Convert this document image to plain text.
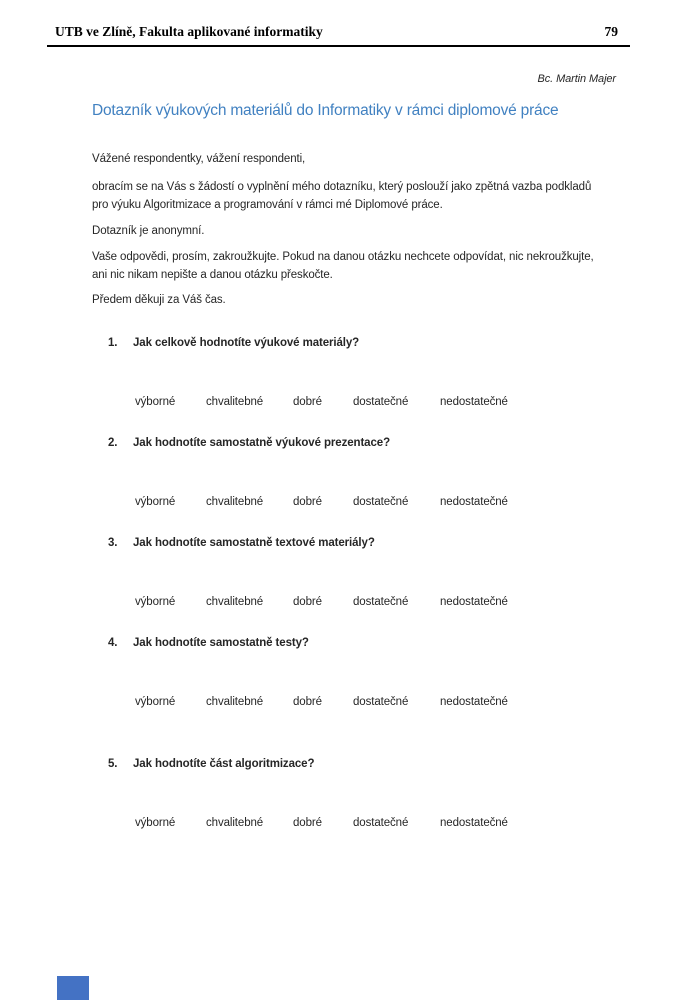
UTB ve Zlíně, Fakulta aplikované informatiky	79
Bc. Martin Majer
Dotazník výukových materiálů do Informatiky v rámci diplomové práce
Vážené respondentky, vážení respondenti,
obracím se na Vás s žádostí o vyplnění mého dotazníku, který poslouží jako zpětná vazba podkladů
pro výuku Algoritmizace a programování v rámci mé Diplomové práce.
Dotazník je anonymní.
Vaše odpovědi, prosím, zakroužkujte. Pokud na danou otázku nechcete odpovídat, nic nekroužkujte,
ani nic nikam nepište a danou otázku přeskočte.
Předem děkuji za Váš čas.
1. Jak celkově hodnotíte výukové materiály?
výborné	chvalitebné	dobré	dostatečné	nedostatečné
2. Jak hodnotíte samostatně výukové prezentace?
výborné	chvalitebné	dobré	dostatečné	nedostatečné
3. Jak hodnotíte samostatně textové materiály?
výborné	chvalitebné	dobré	dostatečné	nedostatečné
4. Jak hodnotíte samostatně testy?
výborné	chvalitebné	dobré	dostatečné	nedostatečné
5. Jak hodnotíte část algoritmizace?
výborné	chvalitebné	dobré	dostatečné	nedostatečné
